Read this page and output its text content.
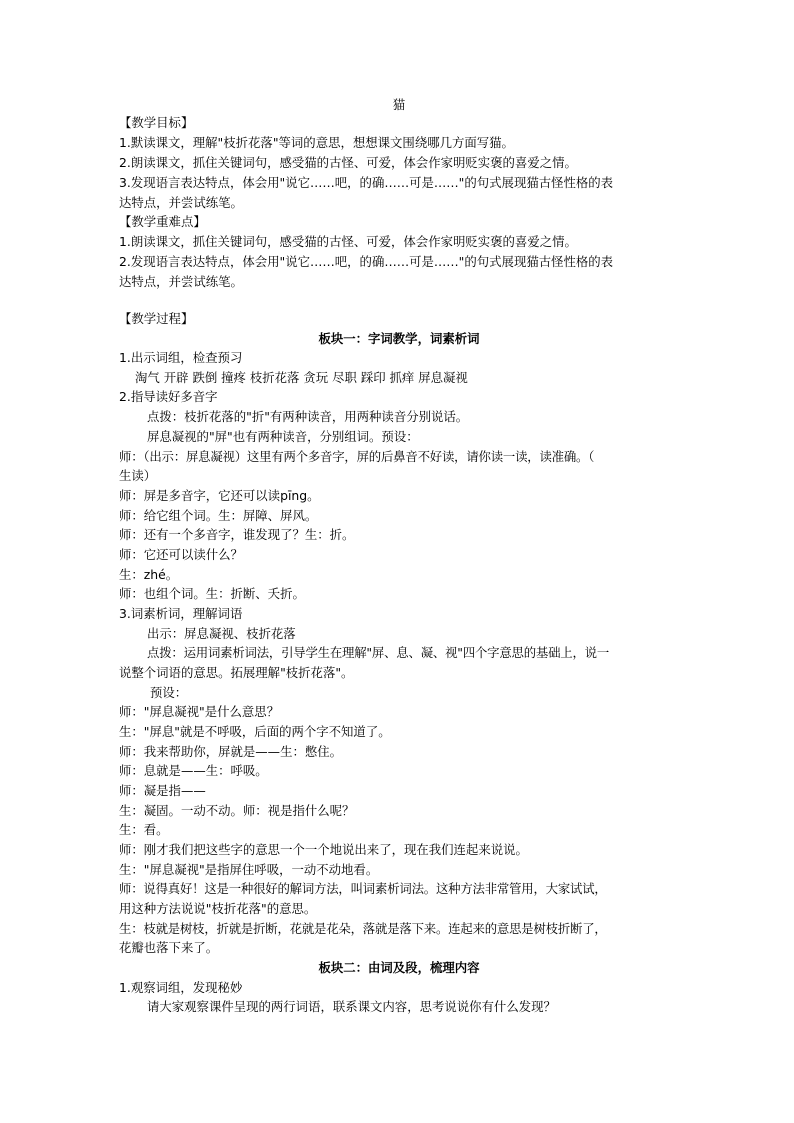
猫
【教学目标】
1.默读课文，理解"枝折花落"等词的意思，想想课文围绕哪几方面写猫。
2.朗读课文，抓住关键词句，感受猫的古怪、可爱，体会作家明贬实褒的喜爱之情。
3.发现语言表达特点，体会用"说它……吧，的确……可是……"的句式展现猫古怪性格的表
达特点，并尝试练笔。
【教学重难点】
1.朗读课文，抓住关键词句，感受猫的古怪、可爱，体会作家明贬实褒的喜爱之情。
2.发现语言表达特点，体会用"说它……吧，的确……可是……"的句式展现猫古怪性格的表
达特点，并尝试练笔。
【教学过程】
板块一：字词教学，词素析词
1.出示词组，检查预习
淘气 开辟 跌倒 撞疼 枝折花落 贪玩 尽职 踩印 抓痒 屏息凝视
2.指导读好多音字
点拨：枝折花落的"折"有两种读音，用两种读音分别说话。
屏息凝视的"屏"也有两种读音，分别组词。预设：
师：（出示：屏息凝视）这里有两个多音字，屏的后鼻音不好读，请你读一读，读准确。（
生读）
师：屏是多音字，它还可以读pīng。
师：给它组个词。生：屏障、屏风。
师：还有一个多音字，谁发现了？生：折。
师：它还可以读什么？
生：zhé。
师：也组个词。生：折断、夭折。
3.词素析词，理解词语
出示：屏息凝视、枝折花落
点拨：运用词素析词法，引导学生在理解"屏、息、凝、视"四个字意思的基础上，说一
说整个词语的意思。拓展理解"枝折花落"。
预设：
师："屏息凝视"是什么意思？
生："屏息"就是不呼吸，后面的两个字不知道了。
师：我来帮助你，屏就是——生：憋住。
师：息就是——生：呼吸。
师：凝是指——
生：凝固。一动不动。师：视是指什么呢？
生：看。
师：刚才我们把这些字的意思一个一个地说出来了，现在我们连起来说说。
生："屏息凝视"是指屏住呼吸，一动不动地看。
师：说得真好！这是一种很好的解词方法，叫词素析词法。这种方法非常管用，大家试试，
用这种方法说说"枝折花落"的意思。
生：枝就是树枝，折就是折断，花就是花朵，落就是落下来。连起来的意思是树枝折断了，
花瓣也落下来了。
板块二：由词及段，梳理内容
1.观察词组，发现秘妙
请大家观察课件呈现的两行词语，联系课文内容，思考说说你有什么发现？
